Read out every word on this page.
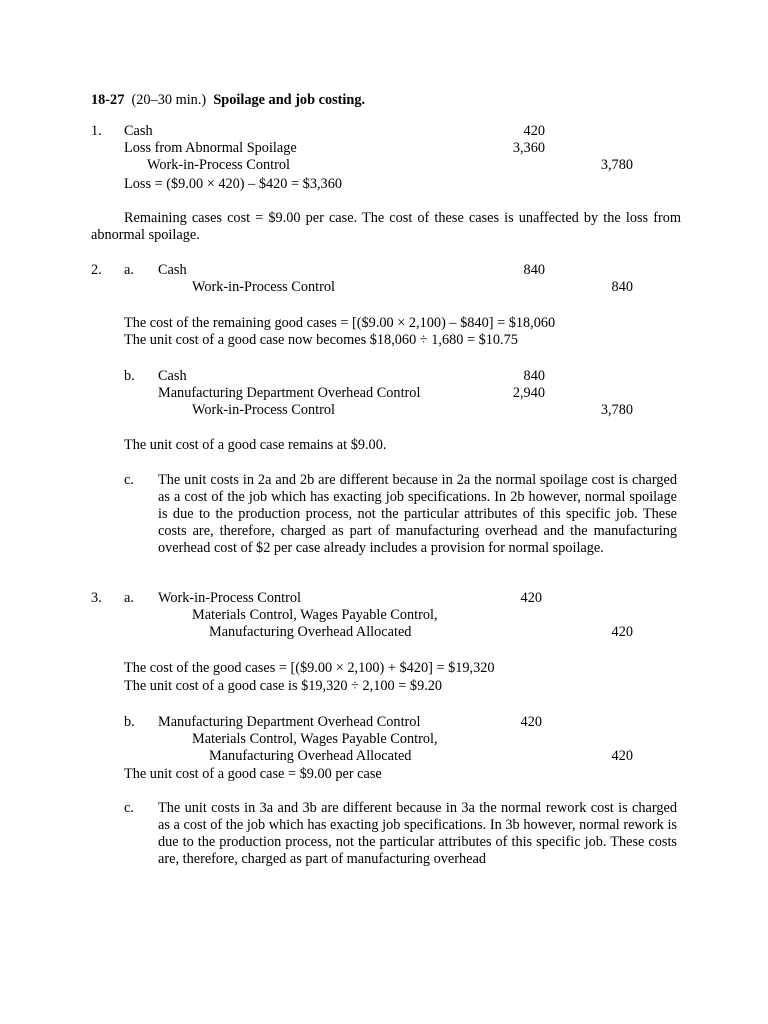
18-27 (20–30 min.) Spoilage and job costing.
1. Cash	420
Loss from Abnormal Spoilage	3,360
Work-in-Process Control	3,780
Loss = ($9.00 × 420) – $420 = $3,360
Remaining cases cost = $9.00 per case. The cost of these cases is unaffected by the loss from abnormal spoilage.
2. a. Cash	840
Work-in-Process Control	840
The cost of the remaining good cases = [($9.00 × 2,100) – $840] = $18,060
The unit cost of a good case now becomes $18,060 ÷ 1,680 = $10.75
b. Cash	840
Manufacturing Department Overhead Control	2,940
Work-in-Process Control	3,780
The unit cost of a good case remains at $9.00.
c. The unit costs in 2a and 2b are different because in 2a the normal spoilage cost is charged as a cost of the job which has exacting job specifications. In 2b however, normal spoilage is due to the production process, not the particular attributes of this specific job. These costs are, therefore, charged as part of manufacturing overhead and the manufacturing overhead cost of $2 per case already includes a provision for normal spoilage.
3. a. Work-in-Process Control	420
Materials Control, Wages Payable Control,
Manufacturing Overhead Allocated	420
The cost of the good cases = [($9.00 × 2,100) + $420] = $19,320
The unit cost of a good case is $19,320 ÷ 2,100 = $9.20
b. Manufacturing Department Overhead Control	420
Materials Control, Wages Payable Control,
Manufacturing Overhead Allocated	420
The unit cost of a good case = $9.00 per case
c. The unit costs in 3a and 3b are different because in 3a the normal rework cost is charged as a cost of the job which has exacting job specifications. In 3b however, normal rework is due to the production process, not the particular attributes of this specific job. These costs are, therefore, charged as part of manufacturing overhead
